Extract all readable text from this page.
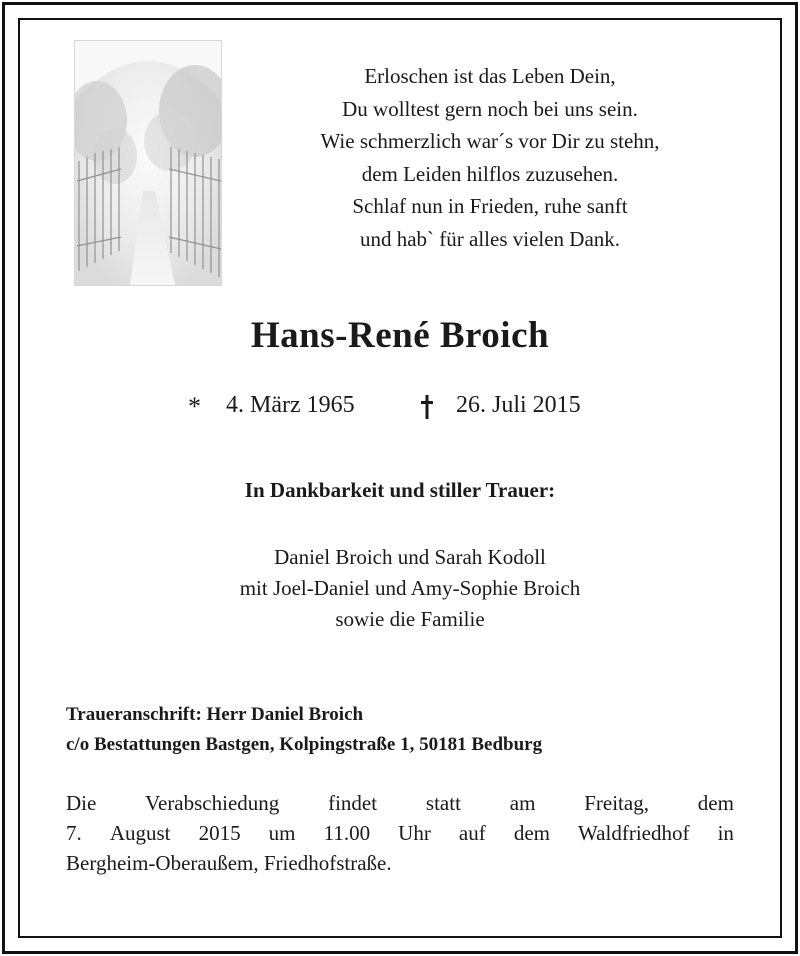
Erloschen ist das Leben Dein,
Du wolltest gern noch bei uns sein.
Wie schmerzlich war´s vor Dir zu stehn,
dem Leiden hilflos zuzusehen.
Schlaf nun in Frieden, ruhe sanft
und hab` für alles vielen Dank.
Hans-René Broich
* 4. März 1965	26. Juli 2015
In Dankbarkeit und stiller Trauer:
Daniel Broich und Sarah Kodoll
mit Joel-Daniel und Amy-Sophie Broich
sowie die Familie
Traueranschrift: Herr Daniel Broich
c/o Bestattungen Bastgen, Kolpingstraße 1, 50181 Bedburg
Die Verabschiedung findet statt am Freitag, dem
7. August 2015 um 11.00 Uhr auf dem Waldfriedhof in
Bergheim-Oberaußem, Friedhofstraße.
